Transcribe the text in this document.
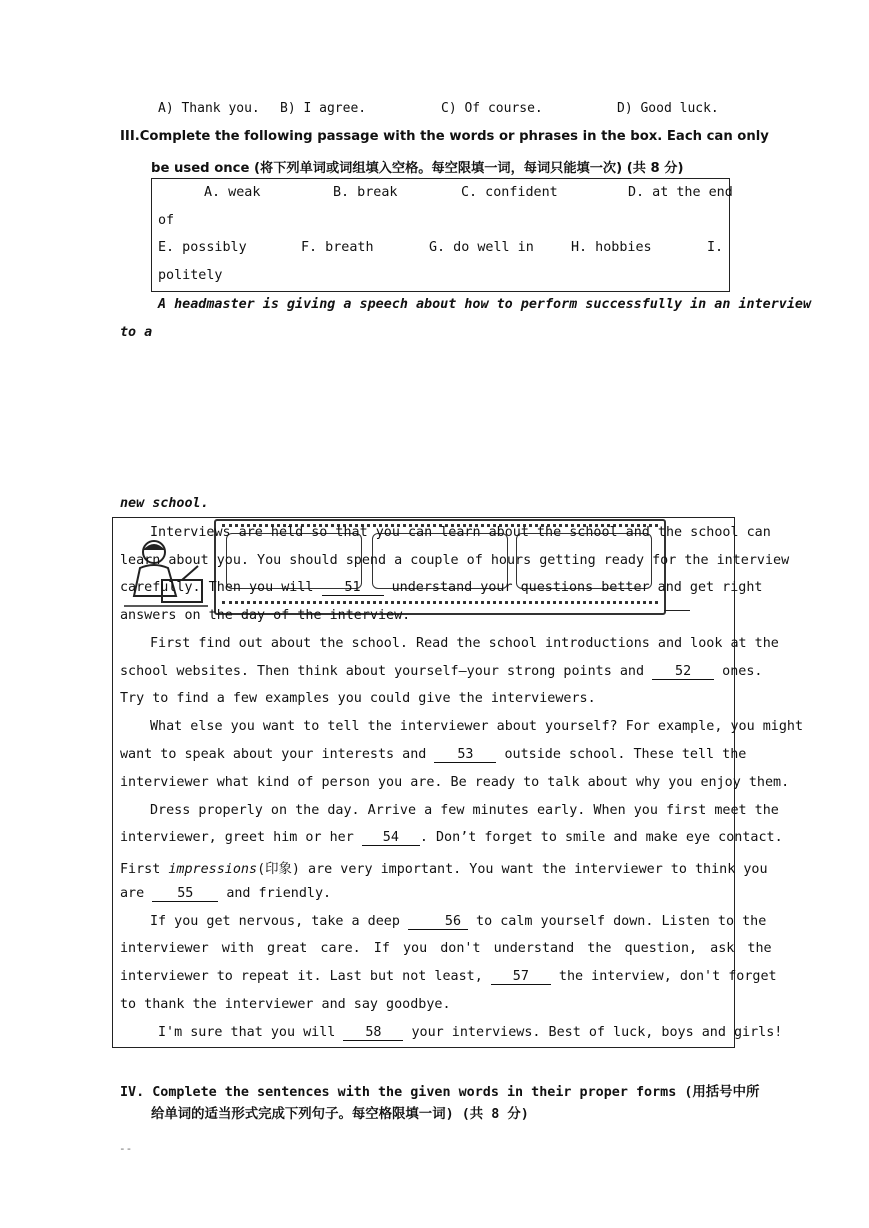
A) Thank you. B) I agree.	C) Of course.	D) Good luck.
III.Complete the following passage with the words or phrases in the box. Each can only
be used once (将下列单词或词组填入空格。每空限填一词，每词只能填一次) (共 8 分)
A. weak	B. break	C. confident	D. at the end
of
E. possibly	F. breath	G. do well in	H. hobbies	I.
politely
A headmaster is giving a speech about how to perform successfully in an interview
to a
new school.
Interviews are held so that you can learn about the school and the school can
learn about you. You should spend a couple of hours getting ready for the interview
carefully. Then you will 51 understand your questions better and get right
answers on the day of the interview.
First find out about the school. Read the school introductions and look at the
school websites. Then think about yourself—your strong points and 52 ones.
Try to find a few examples you could give the interviewers.
What else you want to tell the interviewer about yourself? For example, you might
want to speak about your interests and 53 outside school. These tell the
interviewer what kind of person you are. Be ready to talk about why you enjoy them.
Dress properly on the day. Arrive a few minutes early. When you first meet the
interviewer, greet him or her 54 . Don’t forget to smile and make eye contact.
First impressions(印象) are very important. You want the interviewer to think you
are 55 and friendly.
If you get nervous, take a deep	56 to calm yourself down. Listen to the
interviewer with great care. If you don't understand the question, ask the
interviewer to repeat it. Last but not least, 57 the interview, don't forget
to thank the interviewer and say goodbye.
I'm sure that you will 58 your interviews. Best of luck, boys and girls!
IV. Complete the sentences with the given words in their proper forms (用括号中所
给单词的适当形式完成下列句子。每空格限填一词) (共 8 分)
--
